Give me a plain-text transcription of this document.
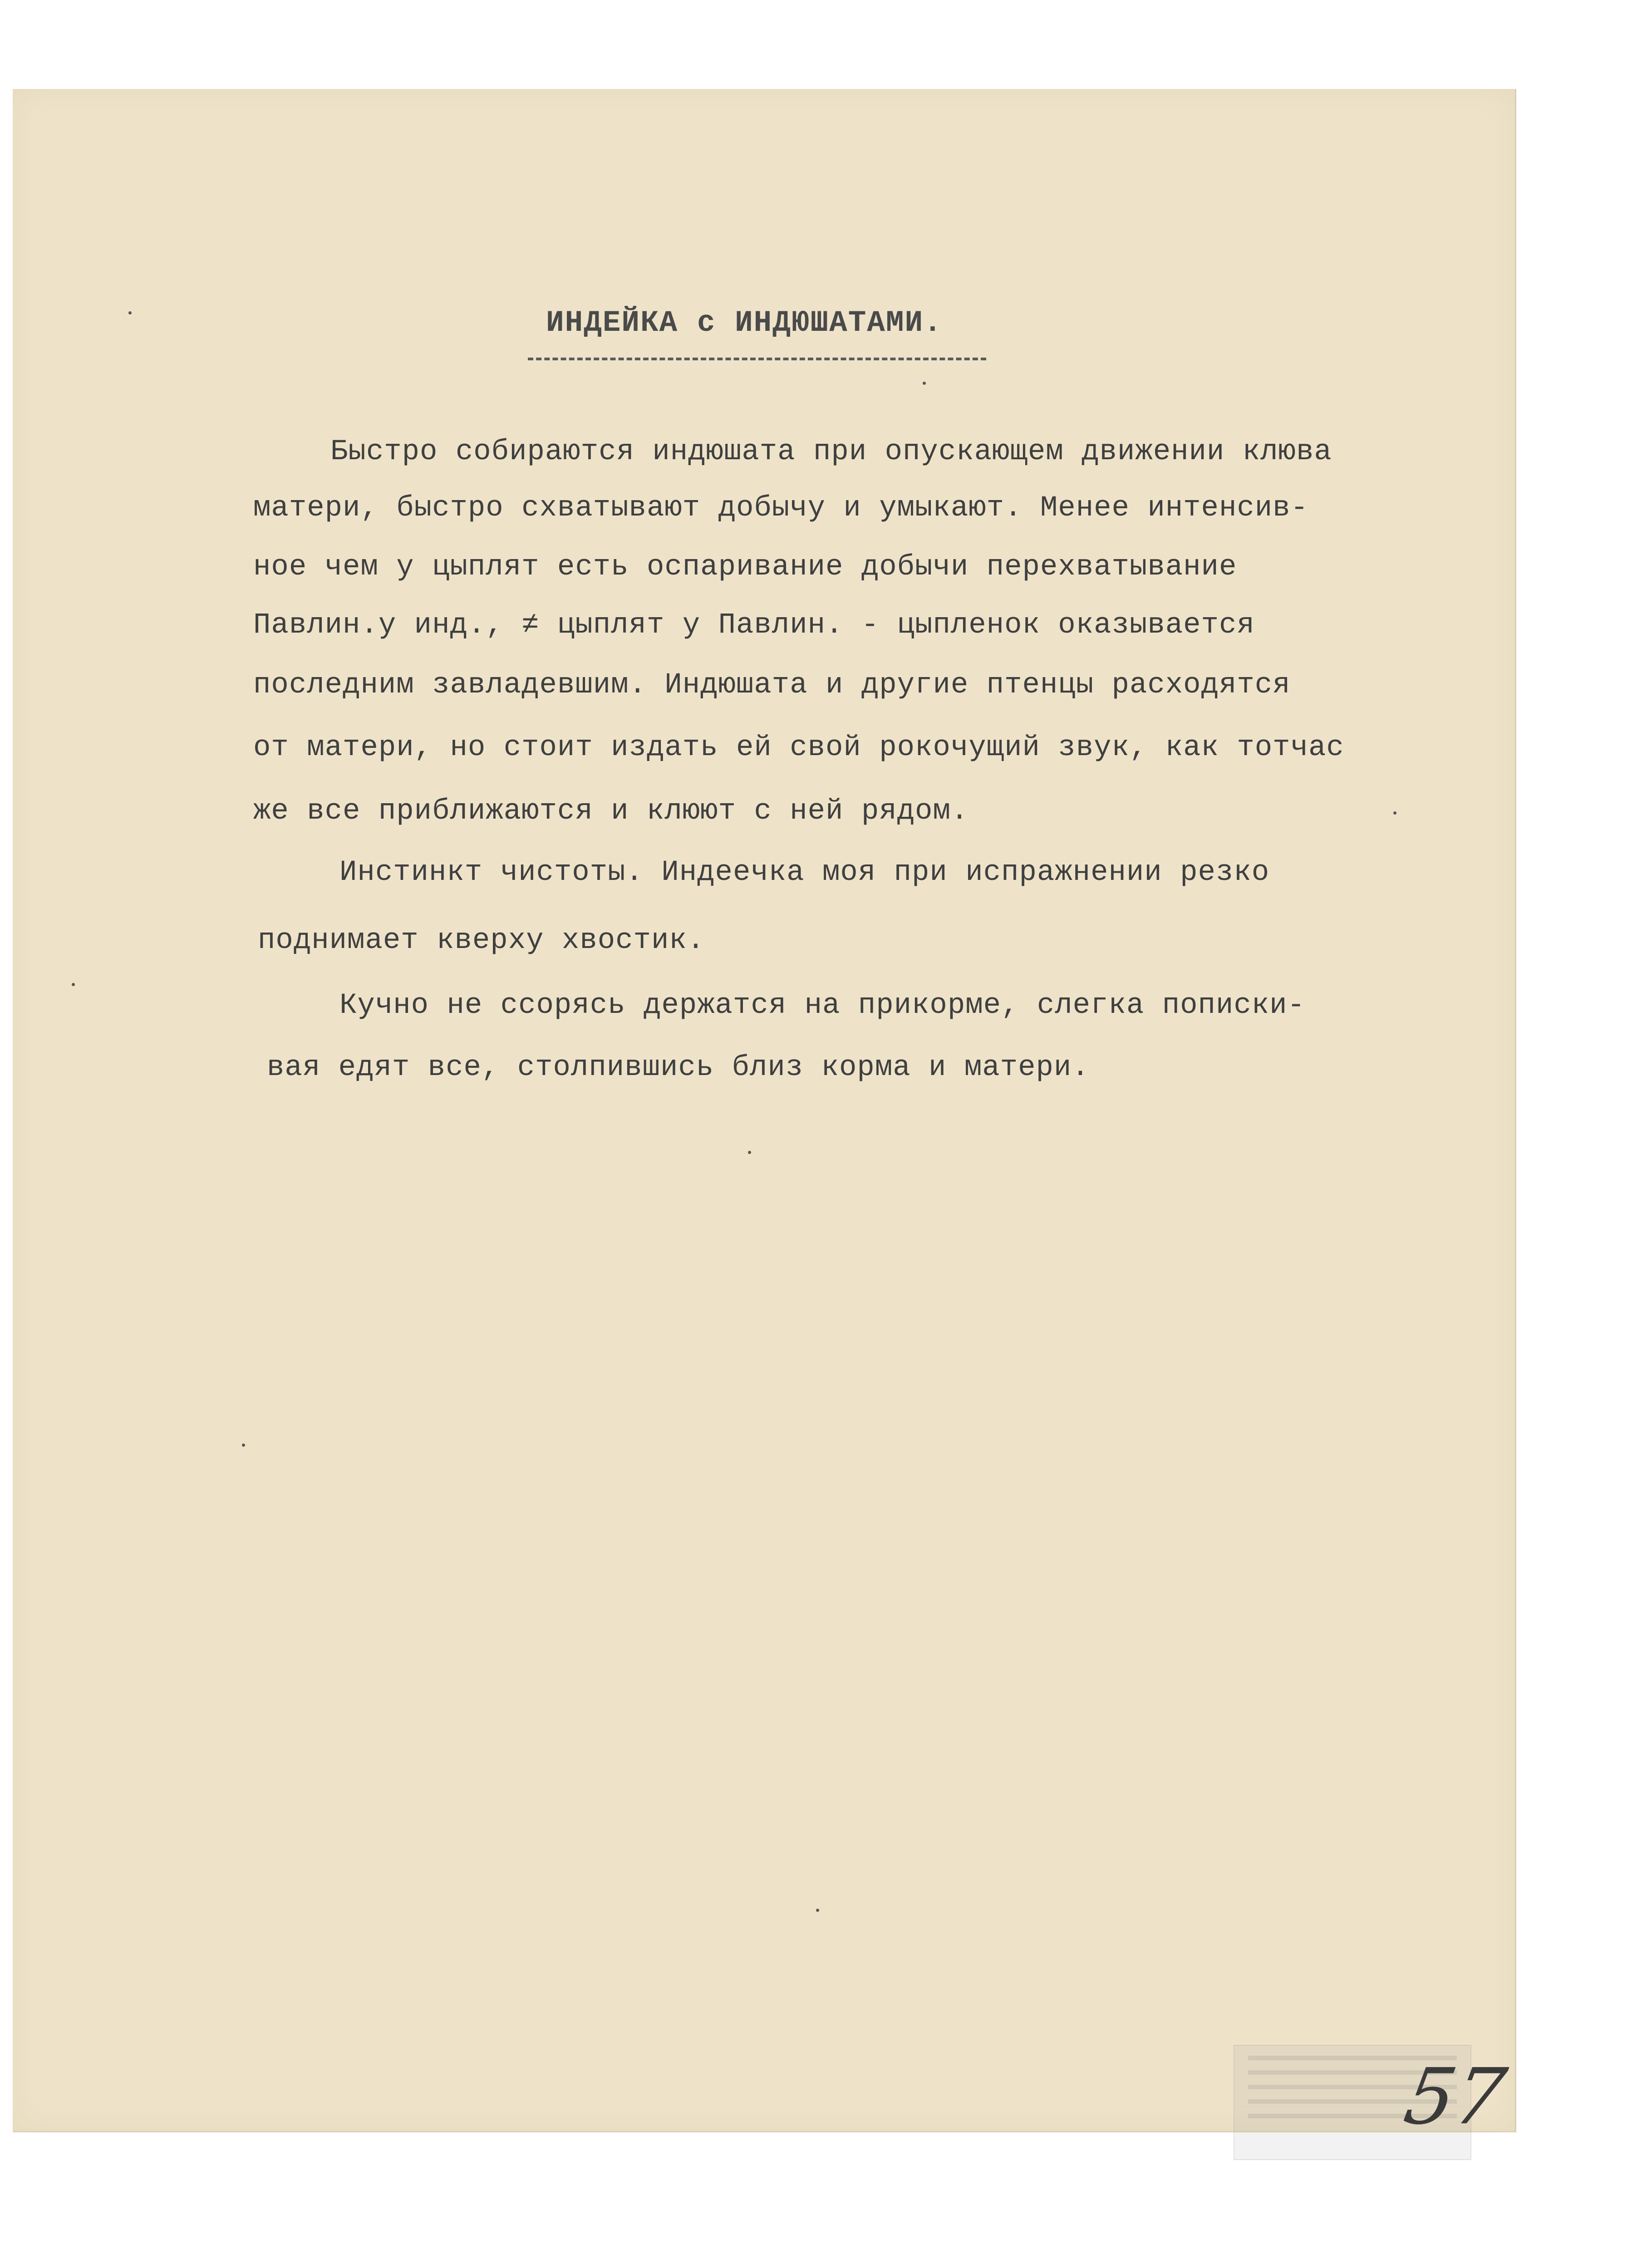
ИНДЕЙКА с ИНДЮШАТАМИ.
Быстро собираются индюшата при опускающем движении клюва
матери, быстро схватывают добычу и умыкают. Менее интенсив-
ное чем у цыплят есть оспаривание добычи перехватывание
Павлин.у инд., ≠ цыплят у Павлин. - цыпленок оказывается
последним завладевшим. Индюшата и другие птенцы расходятся
от матери, но стоит издать ей свой рокочущий звук, как тотчас
же все приближаются и клюют с ней рядом.
Инстинкт чистоты. Индеечка моя при испражнении резко
поднимает кверху хвостик.
Кучно не ссорясь держатся на прикорме, слегка пописки-
вая едят все, столпившись близ корма и матери.
57
